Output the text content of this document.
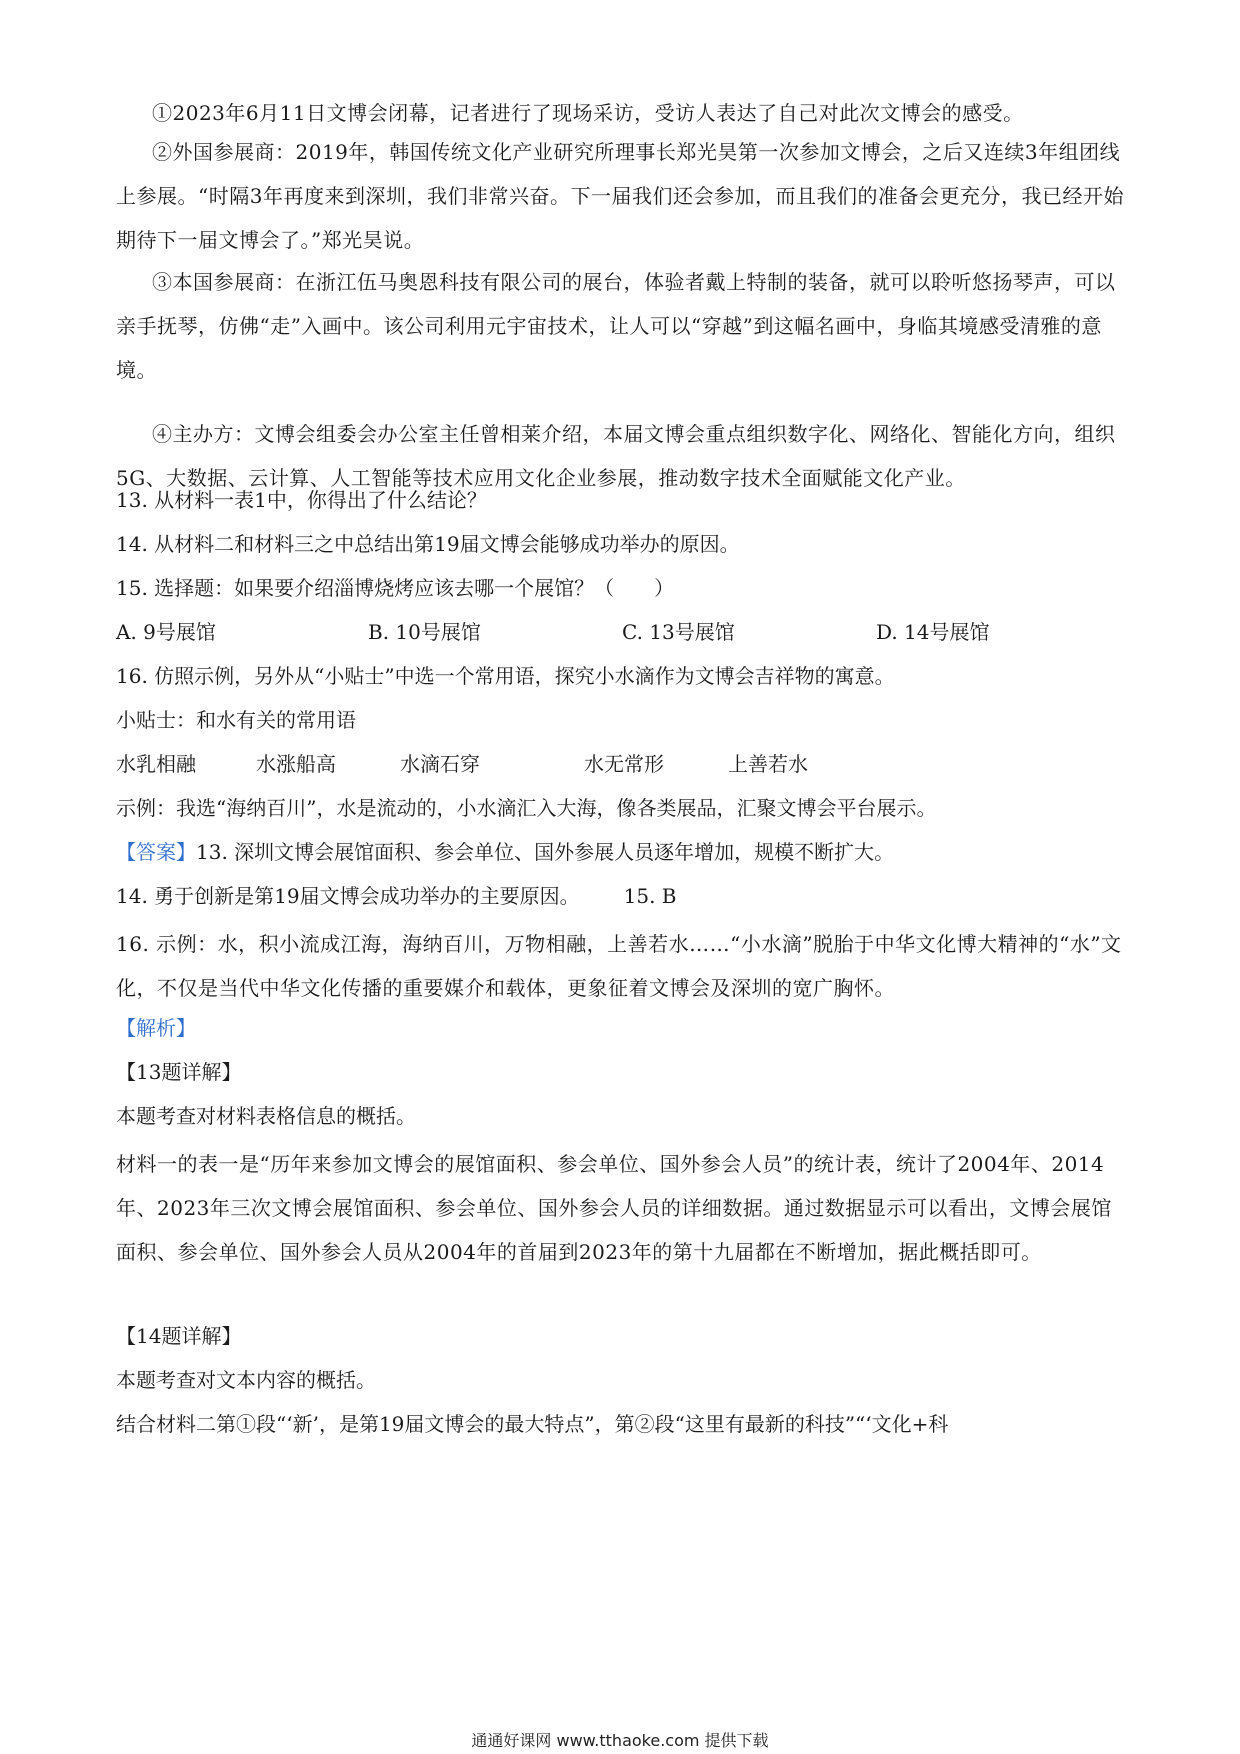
①2023年6月11日文博会闭幕，记者进行了现场采访，受访人表达了自己对此次文博会的感受。
②外国参展商：2019年，韩国传统文化产业研究所理事长郑光昊第一次参加文博会，之后又连续3年组团线上参展。“时隔3年再度来到深圳，我们非常兴奋。下一届我们还会参加，而且我们的准备会更充分，我已经开始期待下一届文博会了。”郑光昊说。
③本国参展商：在浙江伍马奥恩科技有限公司的展台，体验者戴上特制的装备，就可以聆听悠扬琴声，可以亲手抚琴，仿佛“走”入画中。该公司利用元宇宙技术，让人可以“穿越”到这幅名画中，身临其境感受清雅的意境。
④主办方：文博会组委会办公室主任曾相莱介绍，本届文博会重点组织数字化、网络化、智能化方向，组织5G、大数据、云计算、人工智能等技术应用文化企业参展，推动数字技术全面赋能文化产业。
13. 从材料一表1中，你得出了什么结论？
14. 从材料二和材料三之中总结出第19届文博会能够成功举办的原因。
15. 选择题：如果要介绍淄博烧烤应该去哪一个展馆？（　　）
A. 9号展馆	B. 10号展馆	C. 13号展馆	D. 14号展馆
16. 仿照示例，另外从“小贴士”中选一个常用语，探究小水滴作为文博会吉祥物的寓意。
小贴士：和水有关的常用语
水乳相融	水涨船高	水滴石穿	水无常形	上善若水
示例：我选“海纳百川”，水是流动的，小水滴汇入大海，像各类展品，汇聚文博会平台展示。
【答案】13. 深圳文博会展馆面积、参会单位、国外参展人员逐年增加，规模不断扩大。
14. 勇于创新是第19届文博会成功举办的主要原因。 15. B
16. 示例：水，积小流成江海，海纳百川，万物相融，上善若水……“小水滴”脱胎于中华文化博大精神的“水”文化，不仅是当代中华文化传播的重要媒介和载体，更象征着文博会及深圳的宽广胸怀。
【解析】
【13题详解】
本题考查对材料表格信息的概括。
材料一的表一是“历年来参加文博会的展馆面积、参会单位、国外参会人员”的统计表，统计了2004年、2014年、2023年三次文博会展馆面积、参会单位、国外参会人员的详细数据。通过数据显示可以看出，文博会展馆面积、参会单位、国外参会人员从2004年的首届到2023年的第十九届都在不断增加，据此概括即可。
【14题详解】
本题考查对文本内容的概括。
结合材料二第①段“‘新’，是第19届文博会的最大特点”，第②段“这里有最新的科技”“‘文化+科
通通好课网 www.tthaoke.com 提供下载
